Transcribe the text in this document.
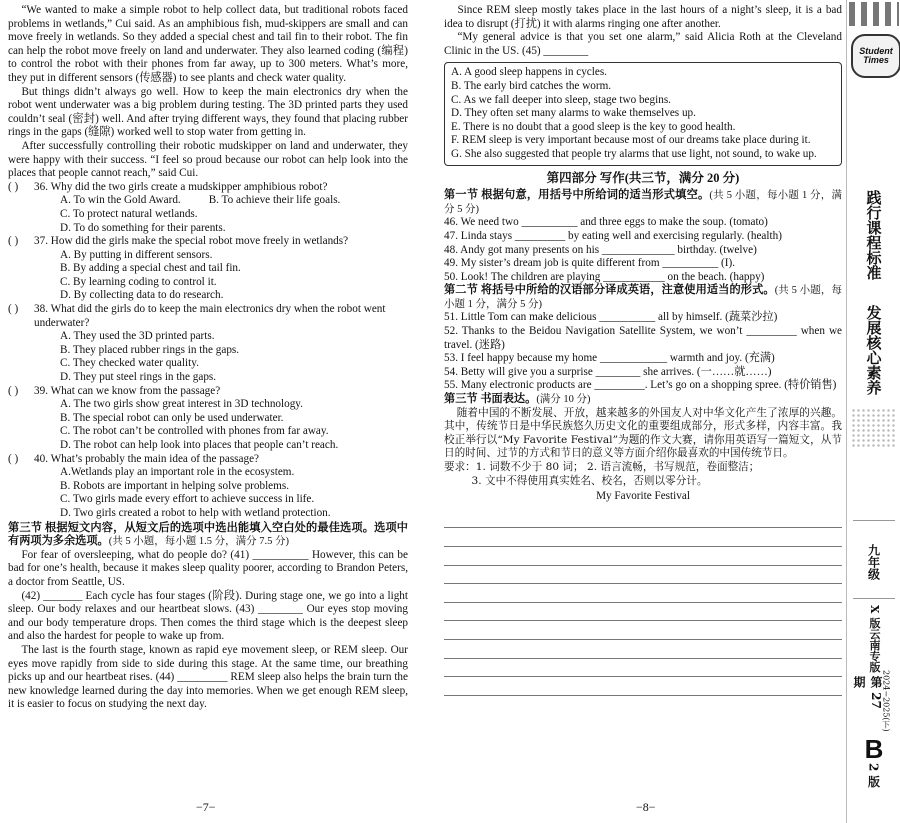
“We wanted to make a simple robot to help collect data, but traditional robots faced problems in wetlands,” Cui said. As an amphibious fish, mud-skippers are small and can move freely in wetlands. So they added a special chest and tail fin to their robot. The fin can help the robot move freely on land and underwater. They also learned coding (编程) to control the robot with their phones from far away, up to 300 meters. What’s more, they put in different sensors (传感器) to see plants and check water quality.

But things didn’t always go well. How to keep the main electronics dry when the robot went underwater was a big problem during testing. The 3D printed parts they used couldn’t seal (密封) well. And after trying different ways, they found that placing rubber rings in the gaps (缝隙) worked well to stop water from getting in.

After successfully controlling their robotic mudskipper on land and underwater, they were happy with their success. “I feel so proud because our robot can help look into the places that people cannot reach,” said Cui.

( )	36. Why did the two girls create a mudskipper amphibious robot?
A. To win the Gold Award.          B. To achieve their life goals.
C. To protect natural wetlands.
D. To do something for their parents.
( )	37. How did the girls make the special robot move freely in wetlands?
A. By putting in different sensors.
B. By adding a special chest and tail fin.
C. By learning coding to control it.
D. By collecting data to do research.
( )	38. What did the girls do to keep the main electronics dry when the robot went underwater?
A. They used the 3D printed parts.
B. They placed rubber rings in the gaps.
C. They checked water quality.
D. They put steel rings in the gaps.
( )	39. What can we know from the passage?
A. The two girls show great interest in 3D technology.
B. The special robot can only be used underwater.
C. The robot can’t be controlled with phones from far away.
D. The robot can help look into places that people can’t reach.
( )	40. What’s probably the main idea of the passage?
A.Wetlands play an important role in the ecosystem.
B. Robots are important in helping solve problems.
C. Two girls made every effort to achieve success in life.
D. Two girls created a robot to help with wetland protection.

第三节 根据短文内容，从短文后的选项中选出能填入空白处的最佳选项。选项中有两项为多余选项。(共 5 小题，每小题 1.5 分，满分 7.5 分)

For fear of oversleeping, what do people do? (41) __________ However, this can be bad for one’s health, because it makes sleep quality poorer, according to Brandon Peters, a doctor from Seattle, US.

(42) _______ Each cycle has four stages (阶段). During stage one, we go into a light sleep. Our body relaxes and our heartbeat slows. (43) ________ Our eyes stop moving and our body temperature drops. Then comes the third stage which is the deepest sleep and also the hardest for people to wake up from.

The last is the fourth stage, known as rapid eye movement sleep, or REM sleep. Our eyes move rapidly from side to side during this stage. At the same time, our breathing picks up and our heartbeat rises. (44) _________ REM sleep also helps the brain turn the new knowledge learned during the day into memories. When we get enough REM sleep, it is easier to focus on studying the next day.

−7−

Since REM sleep mostly takes place in the last hours of a night’s sleep, it is a bad idea to disrupt (打扰) it with alarms ringing one after another.

“My general advice is that you set one alarm,” said Alicia Roth at the Cleveland Clinic in the US. (45) ________

A. A good sleep happens in cycles.

B. The early bird catches the worm.

C. As we fall deeper into sleep, stage two begins.

D. They often set many alarms to wake themselves up.

E. There is no doubt that a good sleep is the key to good health.

F. REM sleep is very important because most of our dreams take place during it.

G. She also suggested that people try alarms that use light, not sound, to wake up.

第四部分 写作(共三节，满分 20 分)

第一节 根据句意，用括号中所给词的适当形式填空。(共 5 小题，每小题 1 分，满分 5 分)

46. We need two __________ and three eggs to make the soup. (tomato)

47. Linda stays _________ by eating well and exercising regularly. (health)

48. Andy got many presents on his _____________ birthday. (twelve)

49. My sister’s dream job is quite different from __________ (I).

50. Look! The children are playing ___________ on the beach. (happy)

第二节 将括号中所给的汉语部分译成英语，注意使用适当的形式。(共 5 小题，每小题 1 分，满分 5 分)

51. Little Tom can make delicious __________ all by himself. (蔬菜沙拉)

52. Thanks to the Beidou Navigation Satellite System, we won’t _________ when we travel. (迷路)

53. I feel happy because my home ____________ warmth and joy. (充满)

54. Betty will give you a surprise ________ she arrives. (一……就……)

55. Many electronic products are _________. Let’s go on a shopping spree. (特价销售)

第三节 书面表达。(满分 10 分)

随着中国的不断发展、开放，越来越多的外国友人对中华文化产生了浓厚的兴趣。其中，传统节日是中华民族悠久历史文化的重要组成部分，形式多样，内容丰富。我校正举行以“My Favorite Festival”为题的作文大赛，请你用英语写一篇短文，从节日的时间、过节的方式和节日的意义等方面介绍你最喜欢的中国传统节日。

要求：1. 词数不少于 80 词； 2. 语言流畅，书写规范，卷面整洁；

3. 文中不得使用真实姓名、校名，否则以零分计。

My Favorite Festival
−8−
Student Times
践行课程标准
发展核心素养
九年级
X 版云南专版
第 27 期	2024−2025(下)
B
2 版
